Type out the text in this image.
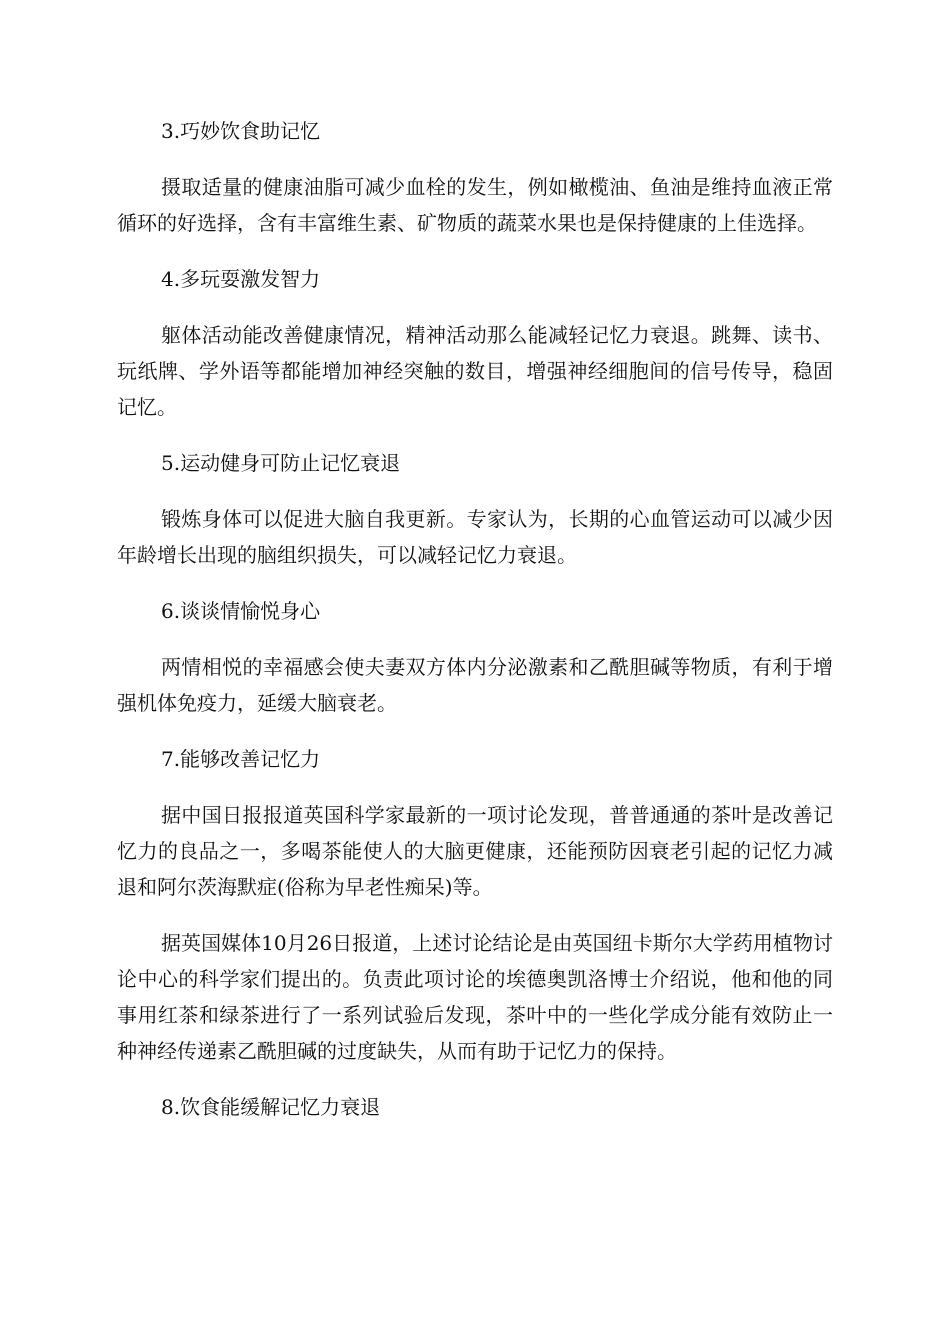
3.巧妙饮食助记忆

摄取适量的健康油脂可减少血栓的发生，例如橄榄油、鱼油是维持血液正常循环的好选择，含有丰富维生素、矿物质的蔬菜水果也是保持健康的上佳选择。

4.多玩耍激发智力

躯体活动能改善健康情况，精神活动那么能减轻记忆力衰退。跳舞、读书、玩纸牌、学外语等都能增加神经突触的数目，增强神经细胞间的信号传导，稳固记忆。

5.运动健身可防止记忆衰退

锻炼身体可以促进大脑自我更新。专家认为，长期的心血管运动可以减少因年龄增长出现的脑组织损失，可以减轻记忆力衰退。

6.谈谈情愉悦身心

两情相悦的幸福感会使夫妻双方体内分泌激素和乙酰胆碱等物质，有利于增强机体免疫力，延缓大脑衰老。

7.能够改善记忆力

据中国日报报道英国科学家最新的一项讨论发现，普普通通的茶叶是改善记忆力的良品之一，多喝茶能使人的大脑更健康，还能预防因衰老引起的记忆力减退和阿尔茨海默症(俗称为早老性痴呆)等。

据英国媒体10月26日报道，上述讨论结论是由英国纽卡斯尔大学药用植物讨论中心的科学家们提出的。负责此项讨论的埃德奥凯洛博士介绍说，他和他的同事用红茶和绿茶进行了一系列试验后发现，茶叶中的一些化学成分能有效防止一种神经传递素乙酰胆碱的过度缺失，从而有助于记忆力的保持。

8.饮食能缓解记忆力衰退
